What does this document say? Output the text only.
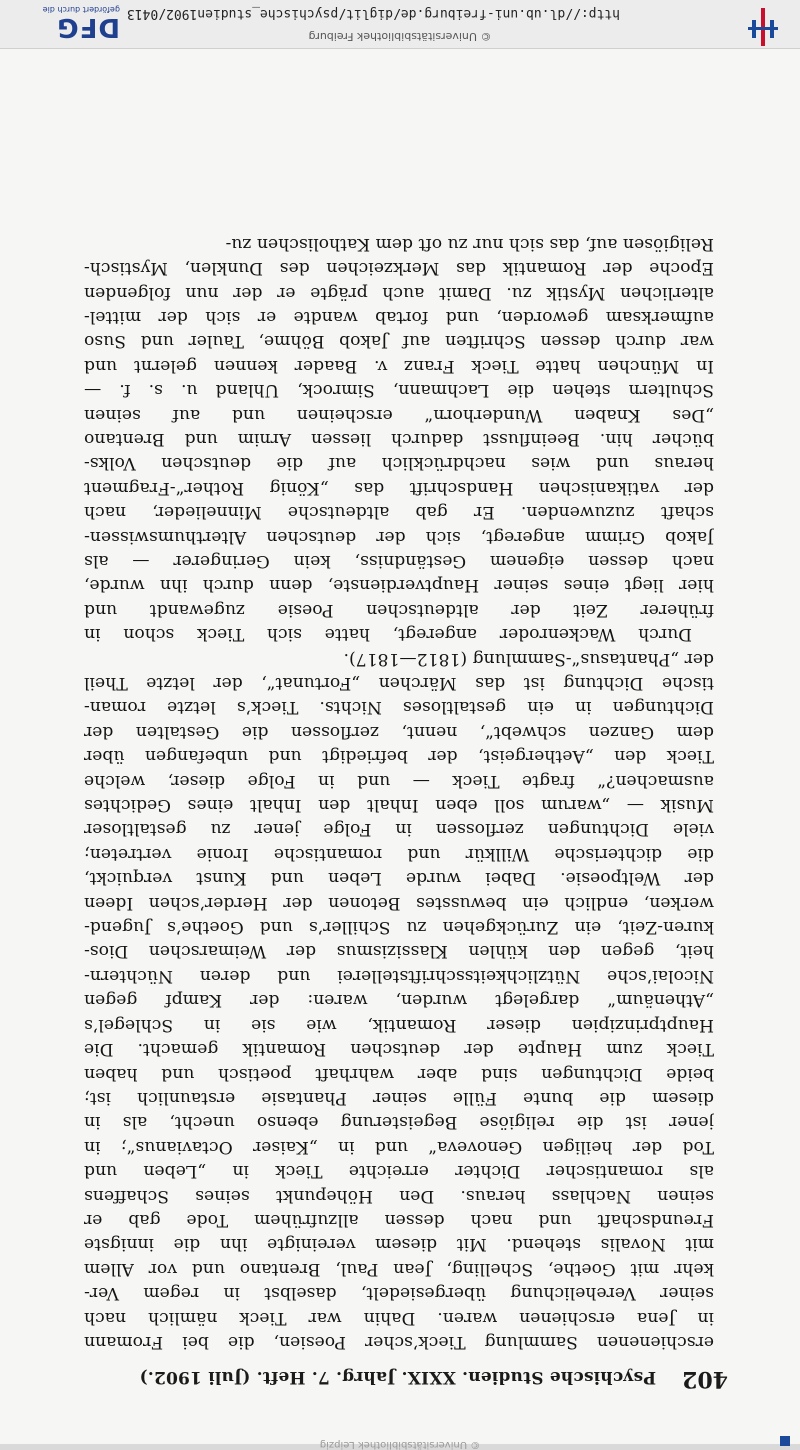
© Universitätsbibliothek Leipzig
402
Psychische Studien. XXIX. Jahrg. 7. Heft. (Juli 1902.)
erschienenen Sammlung Tieck’scher Poesien, die bei Fromann
in Jena erschienen waren. Dahin war Tieck nämlich nach
seiner Verehelichung übergesiedelt, daselbst in regem Ver-
kehr mit Goethe, Schelling, Jean Paul, Brentano und vor Allem
mit Novalis stehend. Mit diesem vereinigte ihn die innigste
Freundschaft und nach dessen allzufrühem Tode gab er
seinen Nachlass heraus. Den Höhepunkt seines Schaffens
als romantischer Dichter erreichte Tieck in „Leben und
Tod der heiligen Genoveva“ und in „Kaiser Octavianus“; in
jener ist die religiöse Begeisterung ebenso unecht, als in
diesem die bunte Fülle seiner Phantasie erstaunlich ist;
beide Dichtungen sind aber wahrhaft poetisch und haben
Tieck zum Haupte der deutschen Romantik gemacht. Die
Hauptprinzipien dieser Romantik, wie sie in Schlegel’s
„Athenäum“ dargelegt wurden, waren: der Kampf gegen
Nicolai’sche Nützlichkeitsschriftstellerei und deren Nüchtern-
heit, gegen den kühlen Klassizismus der Weimarschen Dios-
kuren-Zeit, ein Zurückgehen zu Schiller’s und Goethe’s Jugend-
werken, endlich ein bewusstes Betonen der Herder’schen Ideen
der Weltpoesie. Dabei wurde Leben und Kunst verquickt,
die dichterische Willkür und romantische Ironie vertreten;
viele Dichtungen zerflossen in Folge jener zu gestaltloser
Musik — „warum soll eben Inhalt den Inhalt eines Gedichtes
ausmachen?“ fragte Tieck — und in Folge dieser, welche
Tieck den „Aethergeist, der befriedigt und unbefangen über
dem Ganzen schwebt“, nennt, zerflossen die Gestalten der
Dichtungen in ein gestaltloses Nichts. Tieck’s letzte roman-
tische Dichtung ist das Märchen „Fortunat“, der letzte Theil
der „Phantasus“-Sammlung (1812—1817).
Durch Wackenroder angeregt, hatte sich Tieck schon in
früherer Zeit der altdeutschen Poesie zugewandt und
hier liegt eines seiner Hauptverdienste, denn durch ihn wurde,
nach dessen eigenem Geständniss, kein Geringerer — als
Jakob Grimm angeregt, sich der deutschen Alterthumswissen-
schaft zuzuwenden. Er gab altdeutsche Minnelieder, nach
der vatikanischen Handschrift das „König Rother“-Fragment
heraus und wies nachdrücklich auf die deutschen Volks-
bücher hin. Beeinflusst dadurch liessen Arnim und Brentano
„Des Knaben Wunderhorn“ erscheinen und auf seinen
Schultern stehen die Lachmann, Simrock, Uhland u. s. f. —
In München hatte Tieck Franz v. Baader kennen gelernt und
war durch dessen Schriften auf Jakob Böhme, Tauler und Suso
aufmerksam geworden, und fortab wandte er sich der mittel-
alterlichen Mystik zu. Damit auch prägte er der nun folgenden
Epoche der Romantik das Merkzeichen des Dunklen, Mystisch-
Religiösen auf, das sich nur zu oft dem Katholischen zu-
© Universitätsbibliothek Freiburg
http://dl.ub.uni-freiburg.de/diglit/psychische_studien1902/0413
DFG
gefördert durch die
